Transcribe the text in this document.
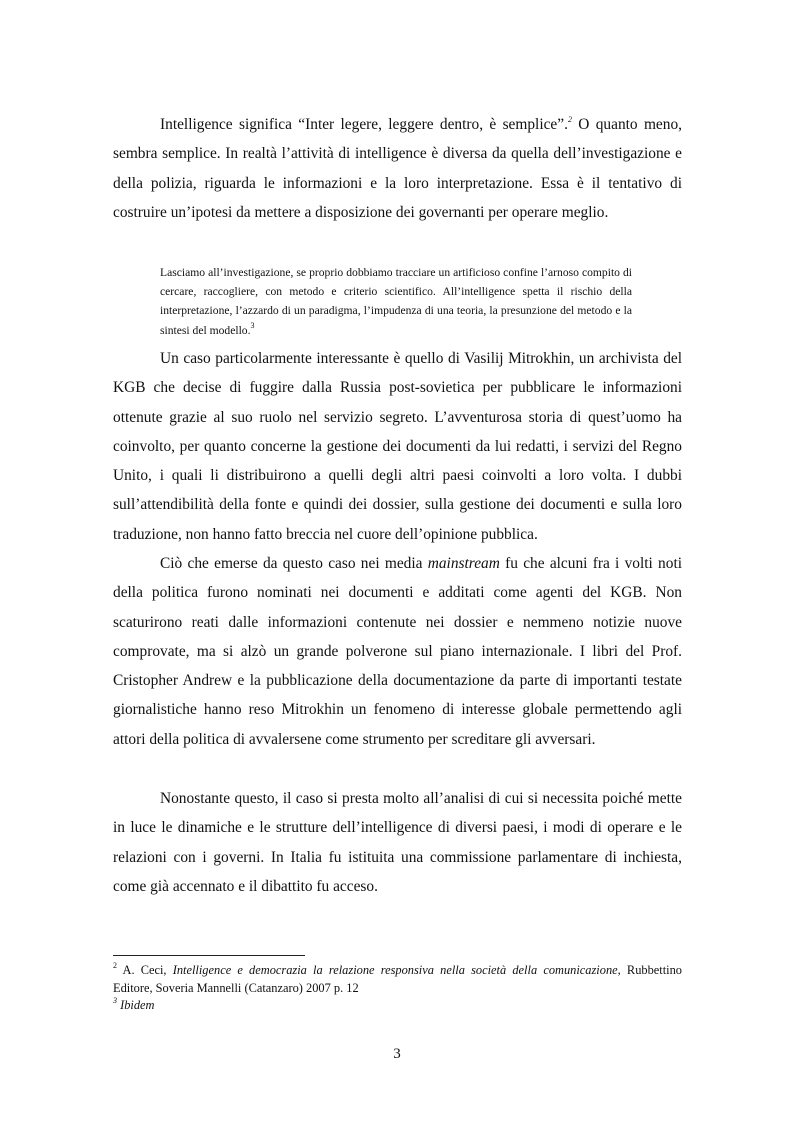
Intelligence significa “Inter legere, leggere dentro, è semplice”.$^2$ O quanto meno, sembra semplice. In realtà l’attività di intelligence è diversa da quella dell’investigazione e della polizia, riguarda le informazioni e la loro interpretazione. Essa è il tentativo di costruire un’ipotesi da mettere a disposizione dei governanti per operare meglio.

Lasciamo all’investigazione, se proprio dobbiamo tracciare un artificioso confine l’arnoso compito di cercare, raccogliere, con metodo e criterio scientifico. All’intelligence spetta il rischio della interpretazione, l’azzardo di un paradigma, l’impudenza di una teoria, la presunzione del metodo e la sintesi del modello.$^3$

Un caso particolarmente interessante è quello di Vasilij Mitrokhin, un archivista del KGB che decise di fuggire dalla Russia post-sovietica per pubblicare le informazioni ottenute grazie al suo ruolo nel servizio segreto. L’avventurosa storia di quest’uomo ha coinvolto, per quanto concerne la gestione dei documenti da lui redatti, i servizi del Regno Unito, i quali li distribuirono a quelli degli altri paesi coinvolti a loro volta. I dubbi sull’attendibilità della fonte e quindi dei dossier, sulla gestione dei documenti e sulla loro traduzione, non hanno fatto breccia nel cuore dell’opinione pubblica.

Ciò che emerse da questo caso nei media mainstream fu che alcuni fra i volti noti della politica furono nominati nei documenti e additati come agenti del KGB. Non scaturirono reati dalle informazioni contenute nei dossier e nemmeno notizie nuove comprovate, ma si alzò un grande polverone sul piano internazionale. I libri del Prof. Cristopher Andrew e la pubblicazione della documentazione da parte di importanti testate giornalistiche hanno reso Mitrokhin un fenomeno di interesse globale permettendo agli attori della politica di avvalersene come strumento per screditare gli avversari.

Nonostante questo, il caso si presta molto all’analisi di cui si necessita poiché mette in luce le dinamiche e le strutture dell’intelligence di diversi paesi, i modi di operare e le relazioni con i governi. In Italia fu istituita una commissione parlamentare di inchiesta, come già accennato e il dibattito fu acceso.

$^2$ A. Ceci, Intelligence e democrazia la relazione responsiva nella società della comunicazione, Rubbettino Editore, Soveria Mannelli (Catanzaro) 2007 p. 12

$^3$ Ibidem

3
